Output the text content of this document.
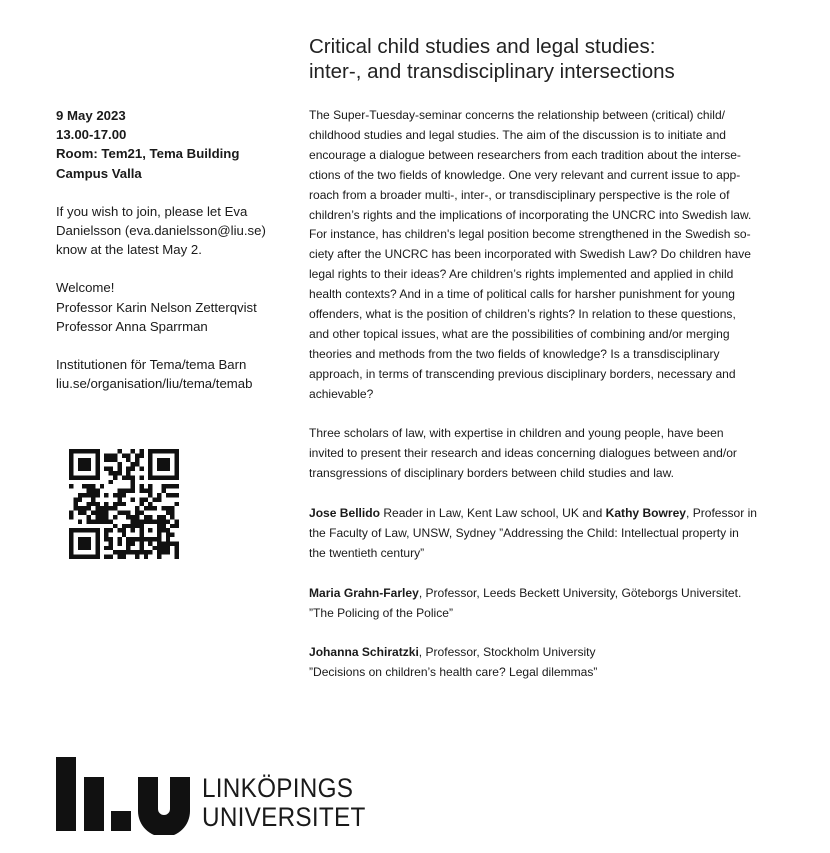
Critical child studies and legal studies:
inter-, and transdisciplinary intersections
9 May 2023
13.00-17.00
Room: Tem21, Tema Building
Campus Valla
If you wish to join, please let Eva
Danielsson (eva.danielsson@liu.se)
know at the latest May 2.
Welcome!
Professor Karin Nelson Zetterqvist
Professor Anna Sparrman
Institutionen för Tema/tema Barn
liu.se/organisation/liu/tema/temab

The Super-Tuesday-seminar concerns the relationship between (critical) child/
childhood studies and legal studies. The aim of the discussion is to initiate and
encourage a dialogue between researchers from each tradition about the interse-
ctions of the two fields of knowledge. One very relevant and current issue to app-
roach from a broader multi-, inter-, or transdisciplinary perspective is the role of
children’s rights and the implications of incorporating the UNCRC into Swedish law.
For instance, has children's legal position become strengthened in the Swedish so-
ciety after the UNCRC has been incorporated with Swedish Law? Do children have
legal rights to their ideas? Are children’s rights implemented and applied in child
health contexts? And in a time of political calls for harsher punishment for young
offenders, what is the position of children’s rights? In relation to these questions,
and other topical issues, what are the possibilities of combining and/or merging
theories and methods from the two fields of knowledge? Is a transdisciplinary
approach, in terms of transcending previous disciplinary borders, necessary and
achievable?

Three scholars of law, with expertise in children and young people, have been
invited to present their research and ideas concerning dialogues between and/or
transgressions of disciplinary borders between child studies and law.

Jose Bellido Reader in Law, Kent Law school, UK and Kathy Bowrey, Professor in
the Faculty of Law, UNSW, Sydney ”Addressing the Child: Intellectual property in
the twentieth century”

Maria Grahn-Farley, Professor, Leeds Beckett University, Göteborgs Universitet.
”The Policing of the Police”

Johanna Schiratzki, Professor, Stockholm University
”Decisions on children’s health care? Legal dilemmas”

LINKÖPINGS
UNIVERSITET
